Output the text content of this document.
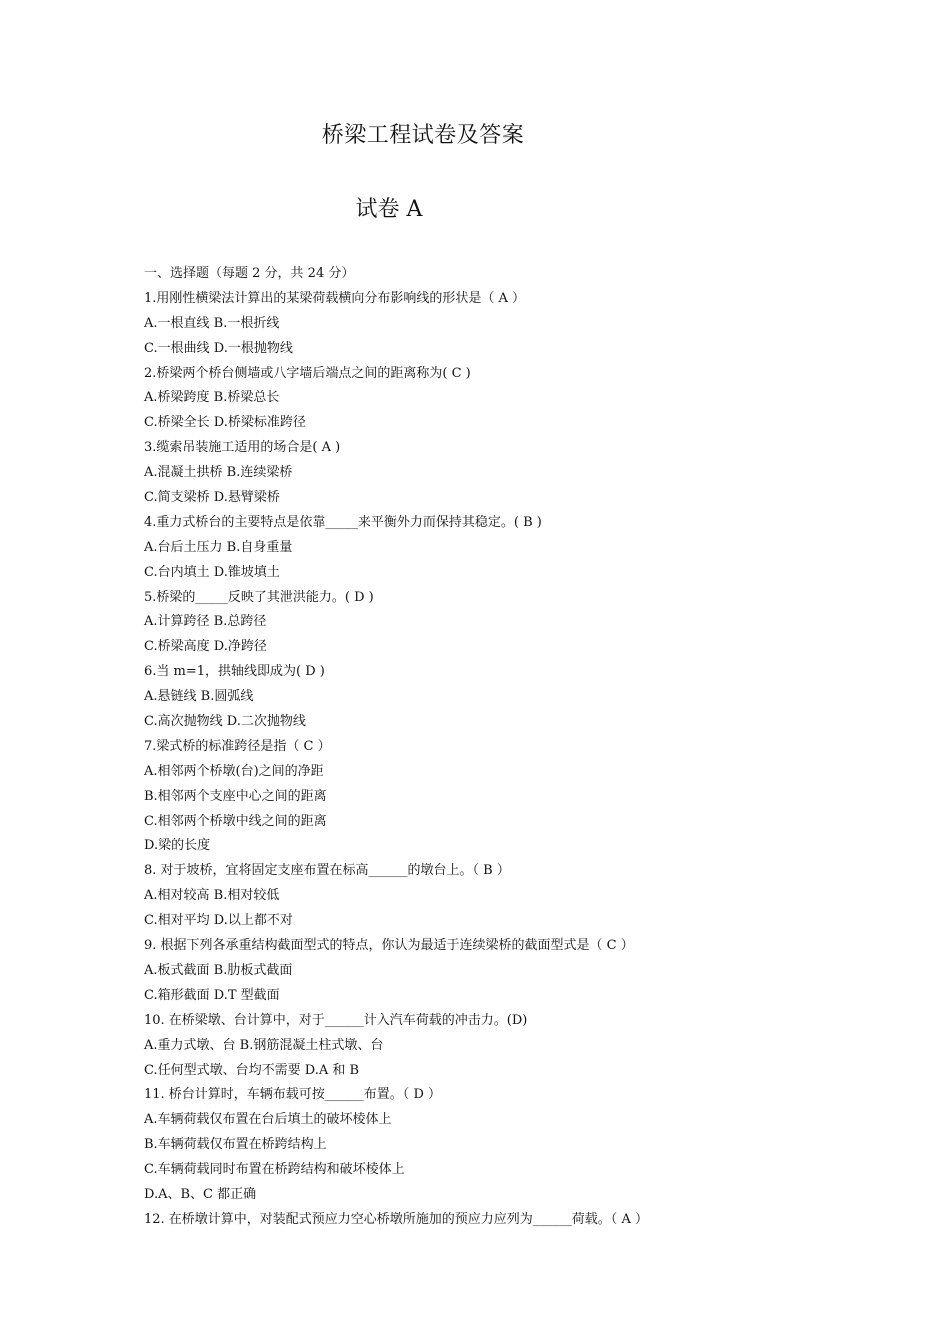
桥梁工程试卷及答案
试卷 A
一、选择题（每题 2 分，共 24 分）
1.用刚性横梁法计算出的某梁荷载横向分布影响线的形状是（ A ）
A.一根直线 B.一根折线
C.一根曲线 D.一根抛物线
2.桥梁两个桥台侧墙或八字墙后端点之间的距离称为( C )
A.桥梁跨度 B.桥梁总长
C.桥梁全长 D.桥梁标准跨径
3.缆索吊装施工适用的场合是( A )
A.混凝土拱桥 B.连续梁桥
C.简支梁桥 D.悬臂梁桥
4.重力式桥台的主要特点是依靠_____来平衡外力而保持其稳定。( B )
A.台后土压力 B.自身重量
C.台内填土 D.锥坡填土
5.桥梁的_____反映了其泄洪能力。( D )
A.计算跨径 B.总跨径
C.桥梁高度 D.净跨径
6.当 m=1，拱轴线即成为( D )
A.悬链线 B.圆弧线
C.高次抛物线 D.二次抛物线
7.梁式桥的标准跨径是指（ C ）
A.相邻两个桥墩(台)之间的净距
B.相邻两个支座中心之间的距离
C.相邻两个桥墩中线之间的距离
D.梁的长度
8. 对于坡桥，宜将固定支座布置在标高______的墩台上。（ B ）
A.相对较高 B.相对较低
C.相对平均 D.以上都不对
9. 根据下列各承重结构截面型式的特点，你认为最适于连续梁桥的截面型式是（ C ）
A.板式截面 B.肋板式截面
C.箱形截面 D.T 型截面
10. 在桥梁墩、台计算中，对于______计入汽车荷载的冲击力。(D)
A.重力式墩、台 B.钢筋混凝土柱式墩、台
C.任何型式墩、台均不需要 D.A 和 B
11. 桥台计算时，车辆布载可按______布置。（ D ）
A.车辆荷载仅布置在台后填土的破坏棱体上
B.车辆荷载仅布置在桥跨结构上
C.车辆荷载同时布置在桥跨结构和破坏棱体上
D.A、B、C 都正确
12. 在桥墩计算中，对装配式预应力空心桥墩所施加的预应力应列为______荷载。（ A ）
